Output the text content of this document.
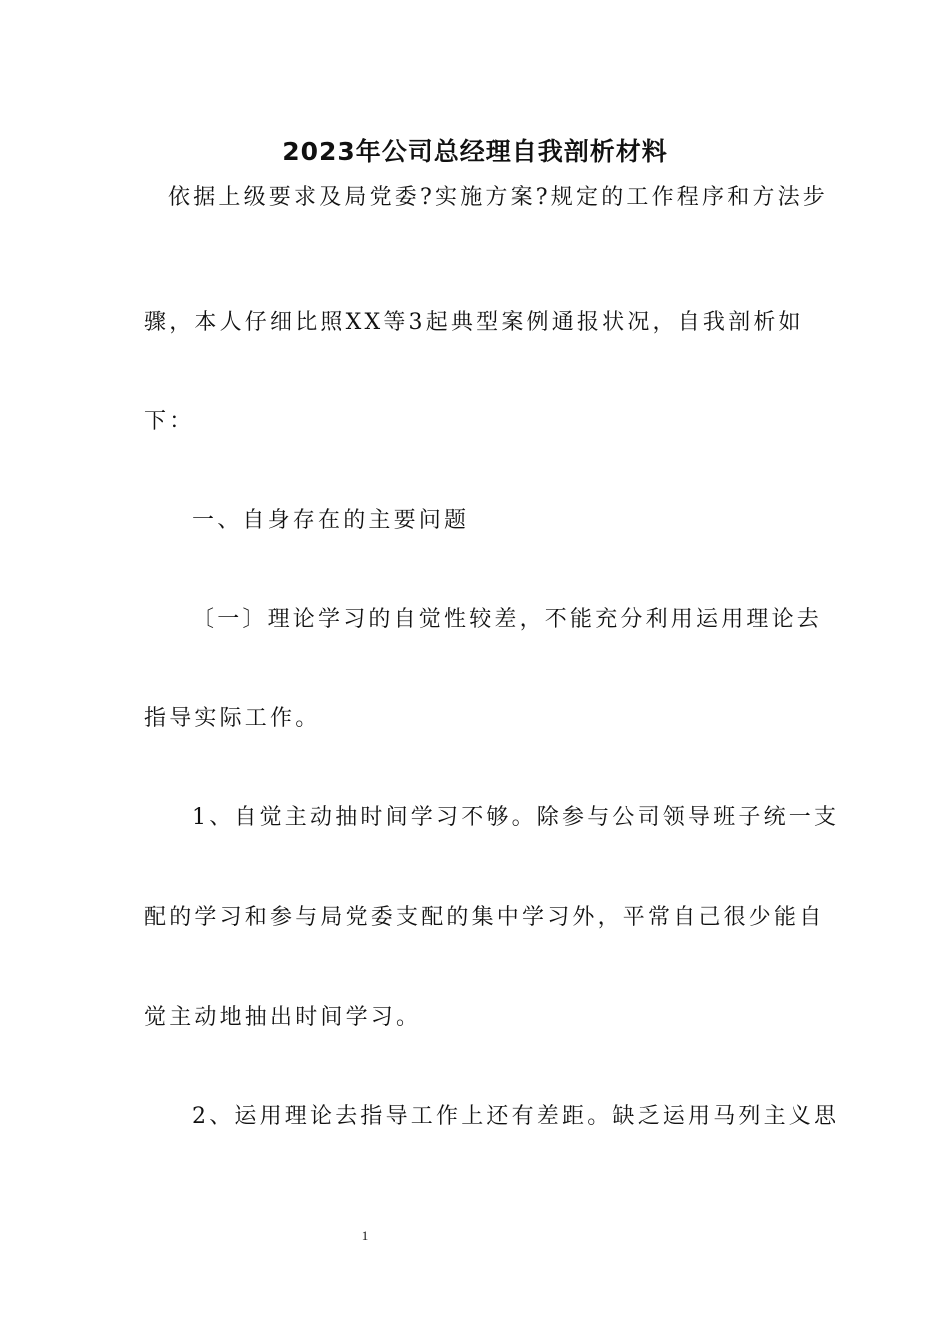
2023年公司总经理自我剖析材料
依据上级要求及局党委?实施方案?规定的工作程序和方法步
骤，本人仔细比照XX等3起典型案例通报状况，自我剖析如
下：
一、自身存在的主要问题
〔一〕理论学习的自觉性较差，不能充分利用运用理论去
指导实际工作。
1、自觉主动抽时间学习不够。除参与公司领导班子统一支
配的学习和参与局党委支配的集中学习外，平常自己很少能自
觉主动地抽出时间学习。
2、运用理论去指导工作上还有差距。缺乏运用马列主义思
1
